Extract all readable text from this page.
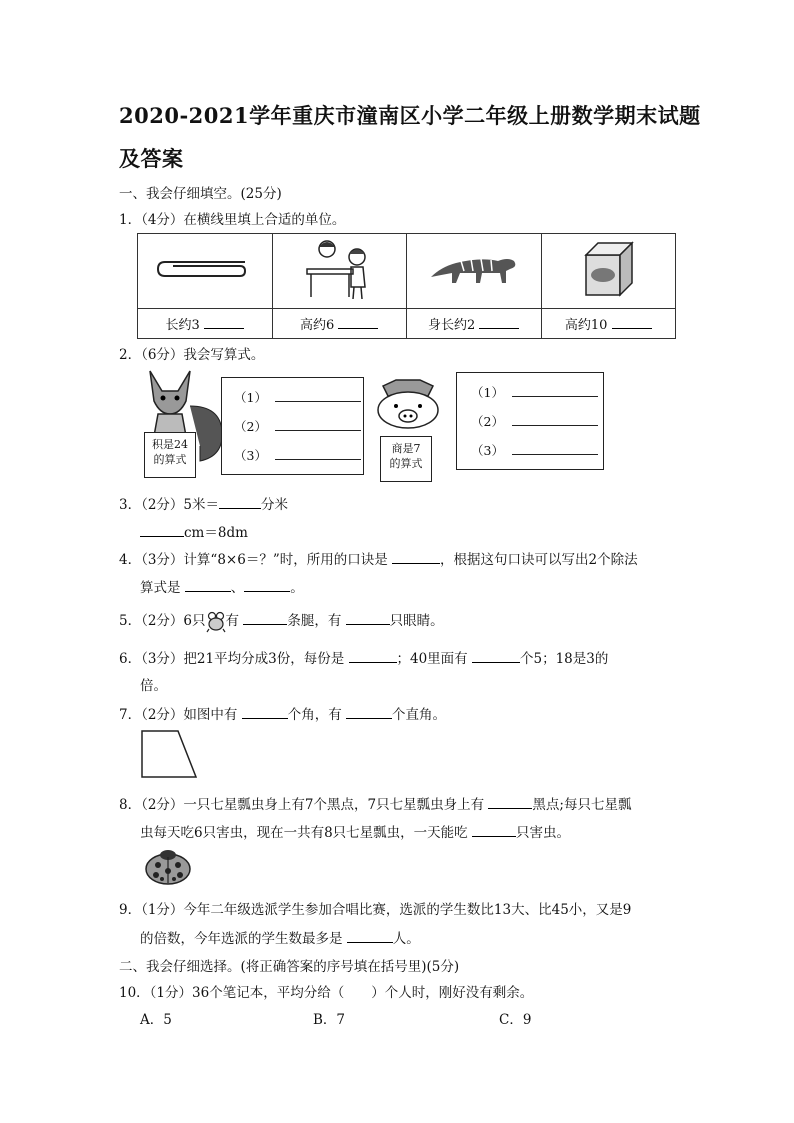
2020-2021学年重庆市潼南区小学二年级上册数学期末试题
及答案
一、我会仔细填空。(25分)
1．（4分）在横线里填上合适的单位。

长约3	高约6	身长约2	高约10
2．（6分）我会写算式。
积是24
的算式
（1）
（2）
（3）	商是7
的算式
（1）
（2）
（3）
3．（2分）5米＝	分米
cm＝8dm
4．（3分）计算“8×6＝？”时，所用的口诀是	，根据这句口诀可以写出2个除法
算式是	、	。
5．（2分）6只 有	条腿，有	只眼睛。
6．（3分）把21平均分成3份，每份是	；40里面有	个5；18是3的
倍。
7．（2分）如图中有	个角，有	个直角。
8．（2分）一只七星瓢虫身上有7个黑点，7只七星瓢虫身上有	黑点;每只七星瓢
虫每天吃6只害虫，现在一共有8只七星瓢虫，一天能吃	只害虫。
9．（1分）今年二年级选派学生参加合唱比赛，选派的学生数比13大、比45小，又是9
的倍数，今年选派的学生数最多是	人。
二、我会仔细选择。(将正确答案的序号填在括号里)(5分)
10．（1分）36个笔记本，平均分给（　　）个人时，刚好没有剩余。
A．5	B．7	C．9
